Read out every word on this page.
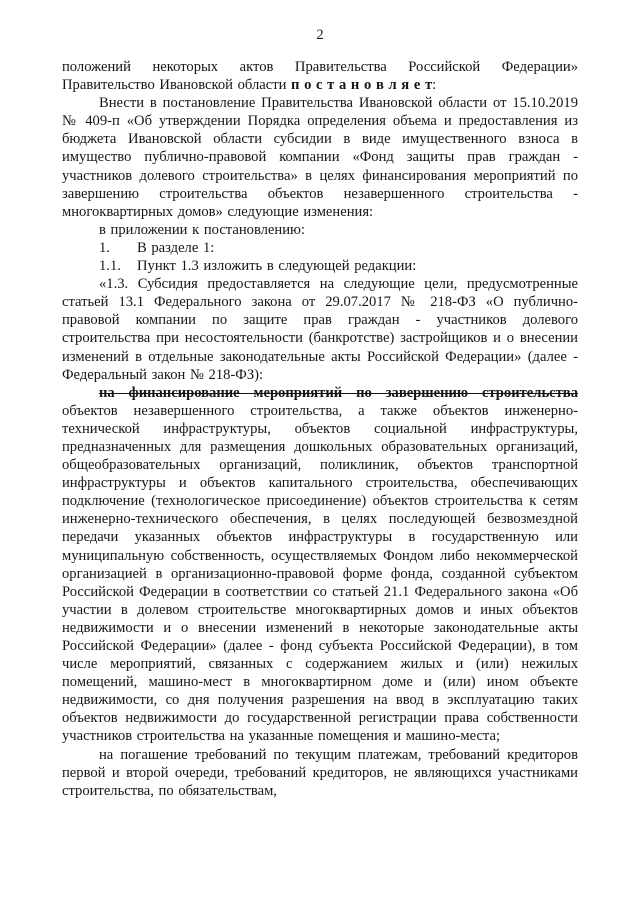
2

положений некоторых актов Правительства Российской Федерации» Правительство Ивановской области п о с т а н о в л я е т:

Внести в постановление Правительства Ивановской области от 15.10.2019 № 409-п «Об утверждении Порядка определения объема и предоставления из бюджета Ивановской области субсидии в виде имущественного взноса в имущество публично-правовой компании «Фонд защиты прав граждан - участников долевого строительства» в целях финансирования мероприятий по завершению строительства объектов незавершенного строительства - многоквартирных домов» следующие изменения:

в приложении к постановлению:

1. В разделе 1:

1.1. Пункт 1.3 изложить в следующей редакции:

«1.3. Субсидия предоставляется на следующие цели, предусмотренные статьей 13.1 Федерального закона от 29.07.2017 № 218-ФЗ «О публично-правовой компании по защите прав граждан - участников долевого строительства при несостоятельности (банкротстве) застройщиков и о внесении изменений в отдельные законодательные акты Российской Федерации» (далее - Федеральный закон № 218-ФЗ):

на финансирование мероприятий по завершению строительства объектов незавершенного строительства, а также объектов инженерно-технической инфраструктуры, объектов социальной инфраструктуры, предназначенных для размещения дошкольных образовательных организаций, общеобразовательных организаций, поликлиник, объектов транспортной инфраструктуры и объектов капитального строительства, обеспечивающих подключение (технологическое присоединение) объектов строительства к сетям инженерно-технического обеспечения, в целях последующей безвозмездной передачи указанных объектов инфраструктуры в государственную или муниципальную собственность, осуществляемых Фондом либо некоммерческой организацией в организационно-правовой форме фонда, созданной субъектом Российской Федерации в соответствии со статьей 21.1 Федерального закона «Об участии в долевом строительстве многоквартирных домов и иных объектов недвижимости и о внесении изменений в некоторые законодательные акты Российской Федерации» (далее - фонд субъекта Российской Федерации), в том числе мероприятий, связанных с содержанием жилых и (или) нежилых помещений, машино-мест в многоквартирном доме и (или) ином объекте недвижимости, со дня получения разрешения на ввод в эксплуатацию таких объектов недвижимости до государственной регистрации права собственности участников строительства на указанные помещения и машино-места;

на погашение требований по текущим платежам, требований кредиторов первой и второй очереди, требований кредиторов, не являющихся участниками строительства, по обязательствам,
